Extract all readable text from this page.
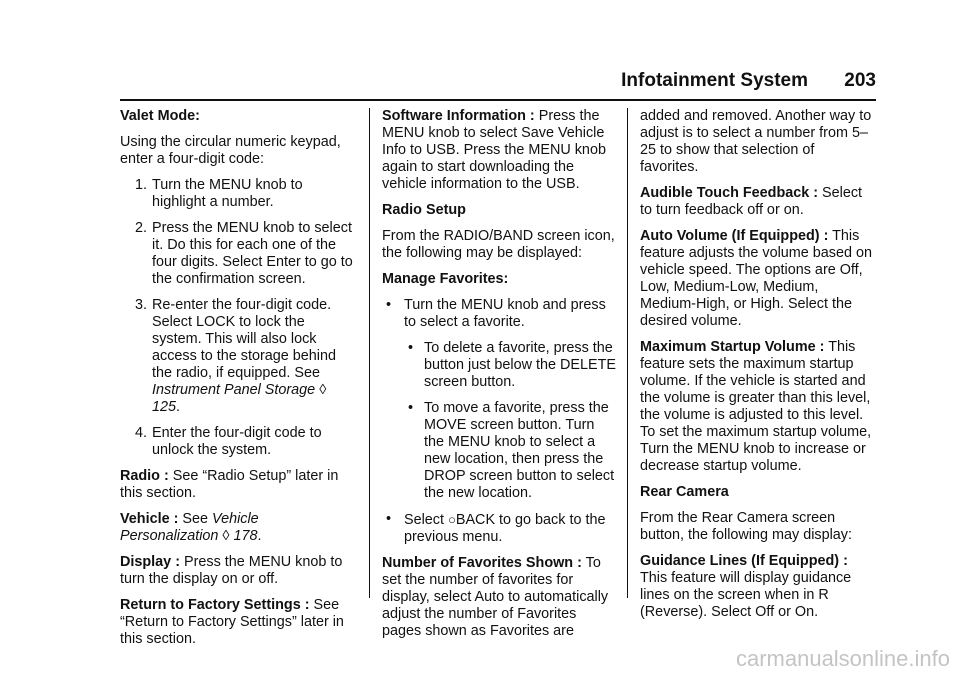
Infotainment System 203

Valet Mode:

Using the circular numeric keypad, enter a four-digit code:

1. Turn the MENU knob to highlight a number.
2. Press the MENU knob to select it. Do this for each one of the four digits. Select Enter to go to the confirmation screen.
3. Re-enter the four-digit code. Select LOCK to lock the system. This will also lock access to the storage behind the radio, if equipped. See Instrument Panel Storage ◊ 125.
4. Enter the four-digit code to unlock the system.

Radio : See “Radio Setup” later in this section.

Vehicle : See Vehicle Personalization ◊ 178.

Display : Press the MENU knob to turn the display on or off.

Return to Factory Settings : See “Return to Factory Settings” later in this section.

Software Information : Press the MENU knob to select Save Vehicle Info to USB. Press the MENU knob again to start downloading the vehicle information to the USB.

Radio Setup

From the RADIO/BAND screen icon, the following may be displayed:

Manage Favorites:

• Turn the MENU knob and press to select a favorite.
• To delete a favorite, press the button just below the DELETE screen button.
• To move a favorite, press the MOVE screen button. Turn the MENU knob to select a new location, then press the DROP screen button to select the new location.
• Select ○BACK to go back to the previous menu.

Number of Favorites Shown : To set the number of favorites for display, select Auto to automatically adjust the number of Favorites pages shown as Favorites are

added and removed. Another way to adjust is to select a number from 5–25 to show that selection of favorites.

Audible Touch Feedback : Select to turn feedback off or on.

Auto Volume (If Equipped) : This feature adjusts the volume based on vehicle speed. The options are Off, Low, Medium-Low, Medium, Medium-High, or High. Select the desired volume.

Maximum Startup Volume : This feature sets the maximum startup volume. If the vehicle is started and the volume is greater than this level, the volume is adjusted to this level. To set the maximum startup volume, Turn the MENU knob to increase or decrease startup volume.

Rear Camera

From the Rear Camera screen button, the following may display:

Guidance Lines (If Equipped) : This feature will display guidance lines on the screen when in R (Reverse). Select Off or On.

carmanualsonline.info
